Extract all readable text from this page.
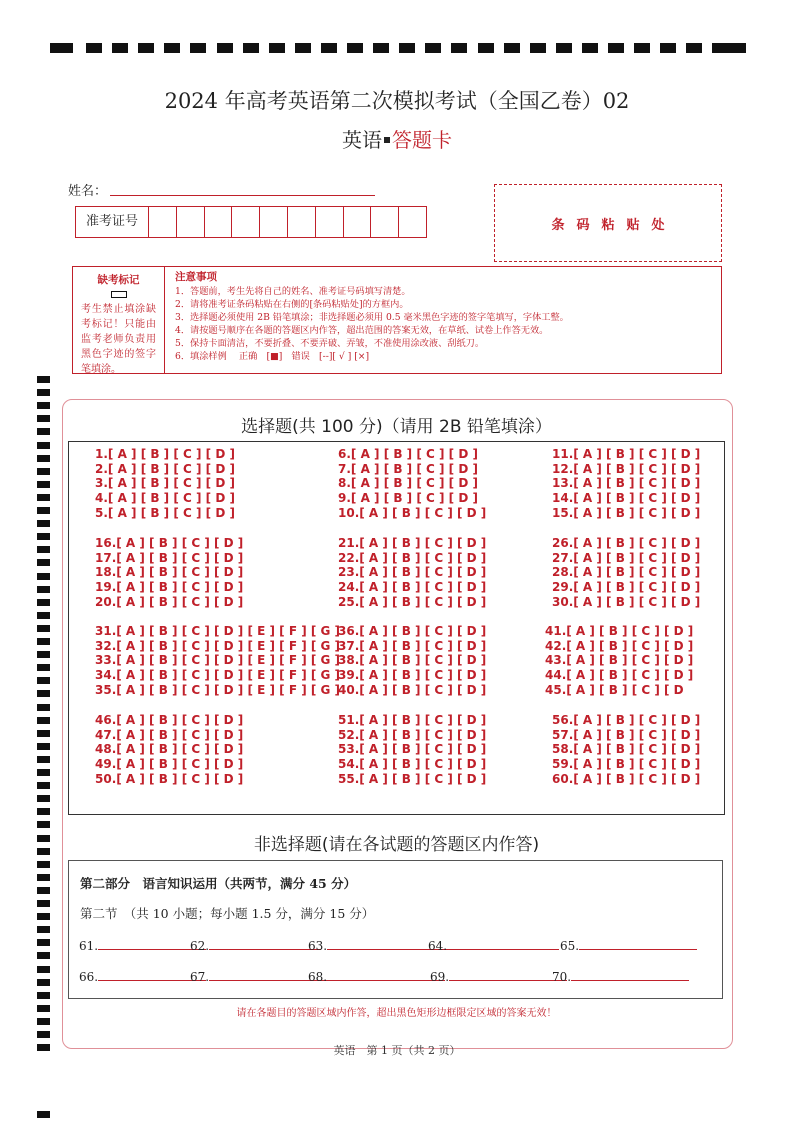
2024 年高考英语第二次模拟考试（全国乙卷）02
英语 答题卡
姓名：
准考证号	条码粘贴处
缺考标记
考生禁止填涂缺考标记！只能由监考老师负责用黑色字迹的签字笔填涂。
注意事项
1．答题前，考生先将自己的姓名、准考证号码填写清楚。
2．请将准考证条码粘贴在右侧的[条码粘贴处]的方框内。
3．选择题必须使用 2B 铅笔填涂；非选择题必须用 0.5 毫米黑色字迹的签字笔填写，字体工整。
4．请按题号顺序在各题的答题区内作答，超出范围的答案无效，在草纸、试卷上作答无效。
5．保持卡面清洁，不要折叠、不要弄破、弄皱，不准使用涂改液、刮纸刀。
6．填涂样例　 正确　[■]　错误　[--][ √ ] [×]
选择题(共 100 分)（请用 2B 铅笔填涂）
1.[ A ] [ B ] [ C ] [ D ]
2.[ A ] [ B ] [ C ] [ D ]
3.[ A ] [ B ] [ C ] [ D ]
4.[ A ] [ B ] [ C ] [ D ]
5.[ A ] [ B ] [ C ] [ D ]
6.[ A ] [ B ] [ C ] [ D ]
7.[ A ] [ B ] [ C ] [ D ]
8.[ A ] [ B ] [ C ] [ D ]
9.[ A ] [ B ] [ C ] [ D ]
10.[ A ] [ B ] [ C ] [ D ]
11.[ A ] [ B ] [ C ] [ D ]
12.[ A ] [ B ] [ C ] [ D ]
13.[ A ] [ B ] [ C ] [ D ]
14.[ A ] [ B ] [ C ] [ D ]
15.[ A ] [ B ] [ C ] [ D ]
16.[ A ] [ B ] [ C ] [ D ]
17.[ A ] [ B ] [ C ] [ D ]
18.[ A ] [ B ] [ C ] [ D ]
19.[ A ] [ B ] [ C ] [ D ]
20.[ A ] [ B ] [ C ] [ D ]
21.[ A ] [ B ] [ C ] [ D ]
22.[ A ] [ B ] [ C ] [ D ]
23.[ A ] [ B ] [ C ] [ D ]
24.[ A ] [ B ] [ C ] [ D ]
25.[ A ] [ B ] [ C ] [ D ]
26.[ A ] [ B ] [ C ] [ D ]
27.[ A ] [ B ] [ C ] [ D ]
28.[ A ] [ B ] [ C ] [ D ]
29.[ A ] [ B ] [ C ] [ D ]
30.[ A ] [ B ] [ C ] [ D ]
31.[ A ] [ B ] [ C ] [ D ] [ E ] [ F ] [ G ]
32.[ A ] [ B ] [ C ] [ D ] [ E ] [ F ] [ G ]
33.[ A ] [ B ] [ C ] [ D ] [ E ] [ F ] [ G ]
34.[ A ] [ B ] [ C ] [ D ] [ E ] [ F ] [ G ]
35.[ A ] [ B ] [ C ] [ D ] [ E ] [ F ] [ G ]
36.[ A ] [ B ] [ C ] [ D ]
37.[ A ] [ B ] [ C ] [ D ]
38.[ A ] [ B ] [ C ] [ D ]
39.[ A ] [ B ] [ C ] [ D ]
40.[ A ] [ B ] [ C ] [ D ]
41.[ A ] [ B ] [ C ] [ D ]
42.[ A ] [ B ] [ C ] [ D ]
43.[ A ] [ B ] [ C ] [ D ]
44.[ A ] [ B ] [ C ] [ D ]
45.[ A ] [ B ] [ C ] [ D
46.[ A ] [ B ] [ C ] [ D ]
47.[ A ] [ B ] [ C ] [ D ]
48.[ A ] [ B ] [ C ] [ D ]
49.[ A ] [ B ] [ C ] [ D ]
50.[ A ] [ B ] [ C ] [ D ]
51.[ A ] [ B ] [ C ] [ D ]
52.[ A ] [ B ] [ C ] [ D ]
53.[ A ] [ B ] [ C ] [ D ]
54.[ A ] [ B ] [ C ] [ D ]
55.[ A ] [ B ] [ C ] [ D ]
56.[ A ] [ B ] [ C ] [ D ]
57.[ A ] [ B ] [ C ] [ D ]
58.[ A ] [ B ] [ C ] [ D ]
59.[ A ] [ B ] [ C ] [ D ]
60.[ A ] [ B ] [ C ] [ D ]
非选择题(请在各试题的答题区内作答)
第二部分　语言知识运用（共两节，满分 45 分）
第二节　（共 10 小题；每小题 1.5 分，满分 15 分）
61.	62.	63.	64.	65.
66.	67.	68.	69.	70.
请在各题目的答题区域内作答，超出黑色矩形边框限定区域的答案无效！
英语　第 1 页（共 2 页）
